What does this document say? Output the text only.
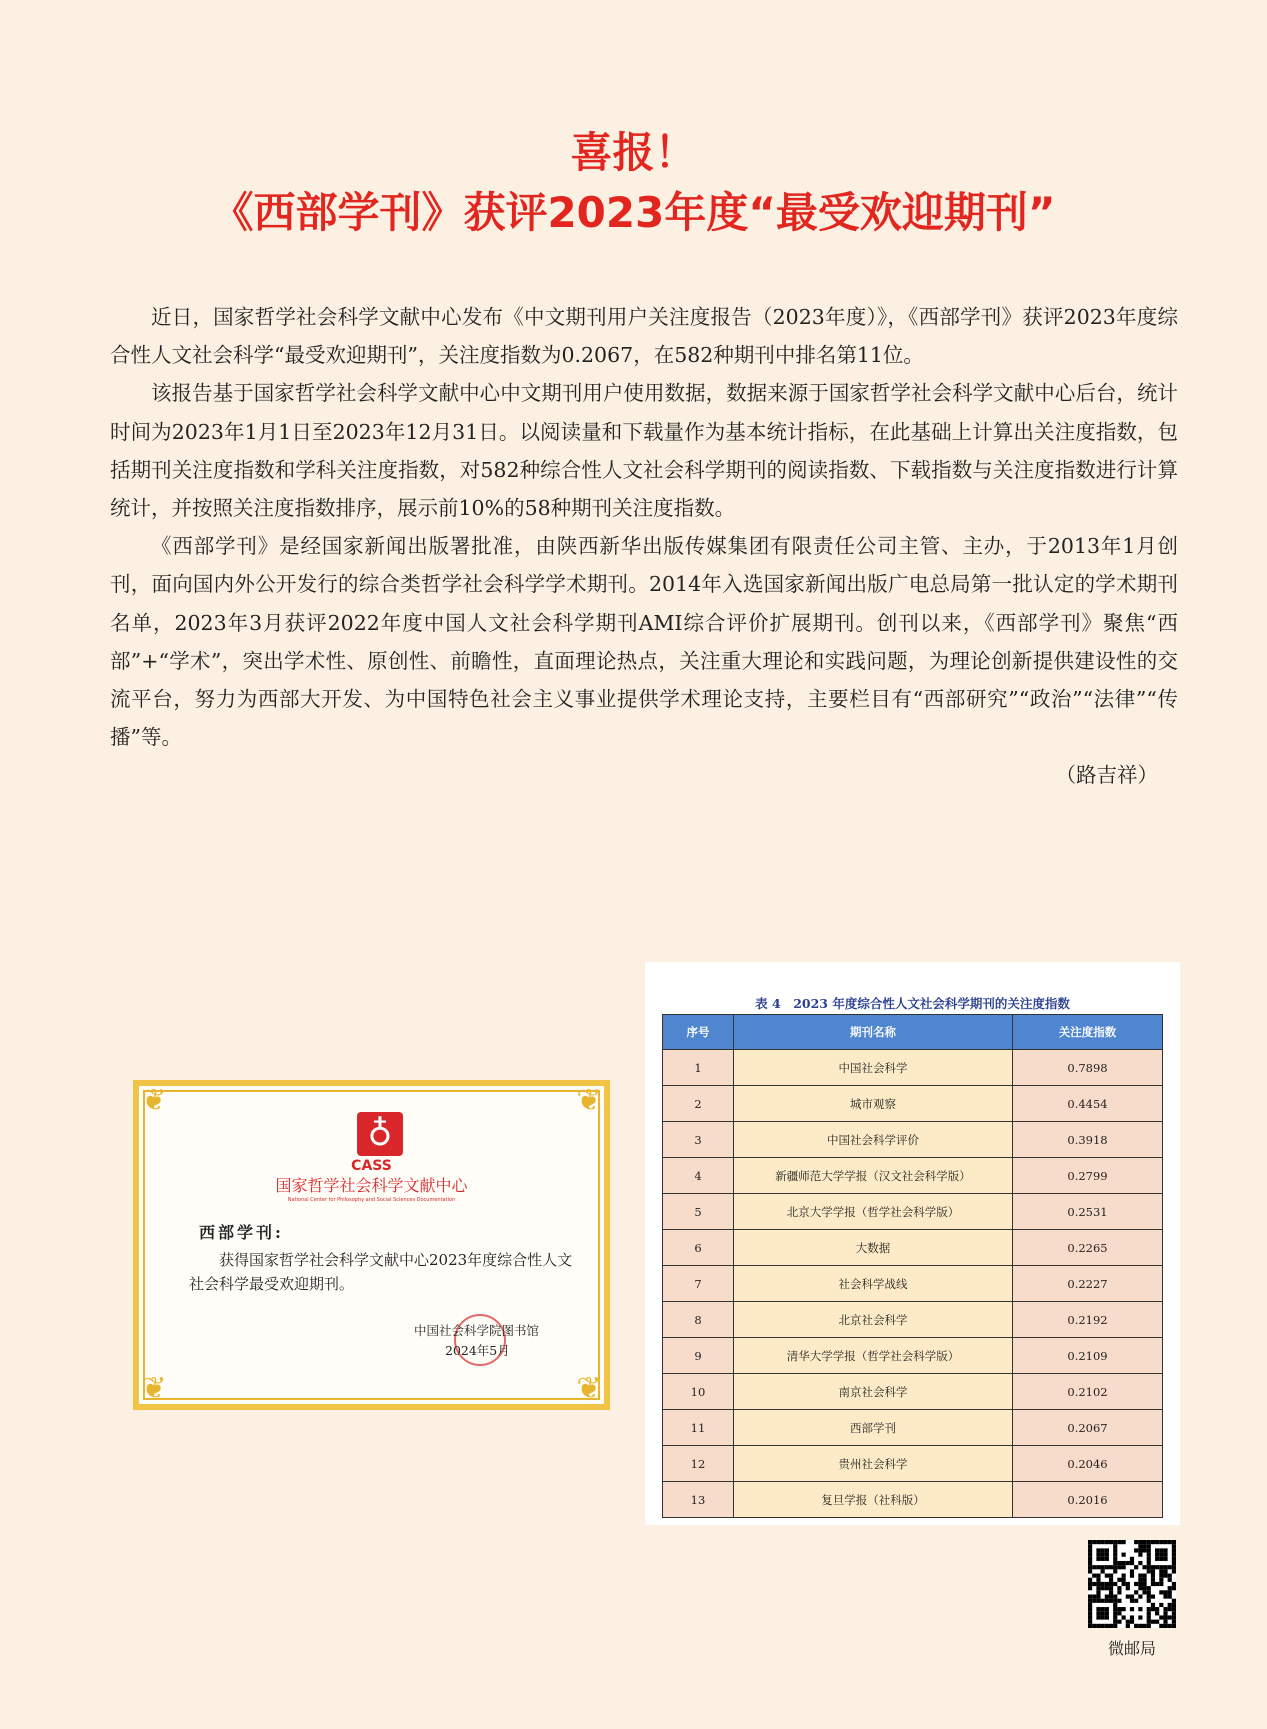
喜报！
《西部学刊》获评2023年度“最受欢迎期刊”

近日，国家哲学社会科学文献中心发布《中文期刊用户关注度报告（2023年度）》，《西部学刊》获评2023年度综合性人文社会科学“最受欢迎期刊”，关注度指数为0.2067，在582种期刊中排名第11位。

该报告基于国家哲学社会科学文献中心中文期刊用户使用数据，数据来源于国家哲学社会科学文献中心后台，统计时间为2023年1月1日至2023年12月31日。以阅读量和下载量作为基本统计指标，在此基础上计算出关注度指数，包括期刊关注度指数和学科关注度指数，对582种综合性人文社会科学期刊的阅读指数、下载指数与关注度指数进行计算统计，并按照关注度指数排序，展示前10%的58种期刊关注度指数。

《西部学刊》是经国家新闻出版署批准，由陕西新华出版传媒集团有限责任公司主管、主办，于2013年1月创刊，面向国内外公开发行的综合类哲学社会科学学术期刊。2014年入选国家新闻出版广电总局第一批认定的学术期刊名单，2023年3月获评2022年度中国人文社会科学期刊AMI综合评价扩展期刊。创刊以来，《西部学刊》聚焦“西部”+“学术”，突出学术性、原创性、前瞻性，直面理论热点，关注重大理论和实践问题，为理论创新提供建设性的交流平台，努力为西部大开发、为中国特色社会主义事业提供学术理论支持，主要栏目有“西部研究”“政治”“法律”“传播”等。

（路吉祥）
❦	❦
❦	❦
♁
CASS
国家哲学社会科学文献中心
National Center for Philosophy and Social Sciences Documentation
西部学刊:
获得国家哲学社会科学文献中心2023年度综合性人文社会科学最受欢迎期刊。
中国社会科学院图书馆
2024年5月
表 4　2023 年度综合性人文社会科学期刊的关注度指数
序号	期刊名称	关注度指数
1	中国社会科学	0.7898
2	城市观察	0.4454
3	中国社会科学评价	0.3918
4	新疆师范大学学报（汉文社会科学版）	0.2799
5	北京大学学报（哲学社会科学版）	0.2531
6	大数据	0.2265
7	社会科学战线	0.2227
8	北京社会科学	0.2192
9	清华大学学报（哲学社会科学版）	0.2109
10	南京社会科学	0.2102
11	西部学刊	0.2067
12	贵州社会科学	0.2046
13	复旦学报（社科版）	0.2016
微邮局
